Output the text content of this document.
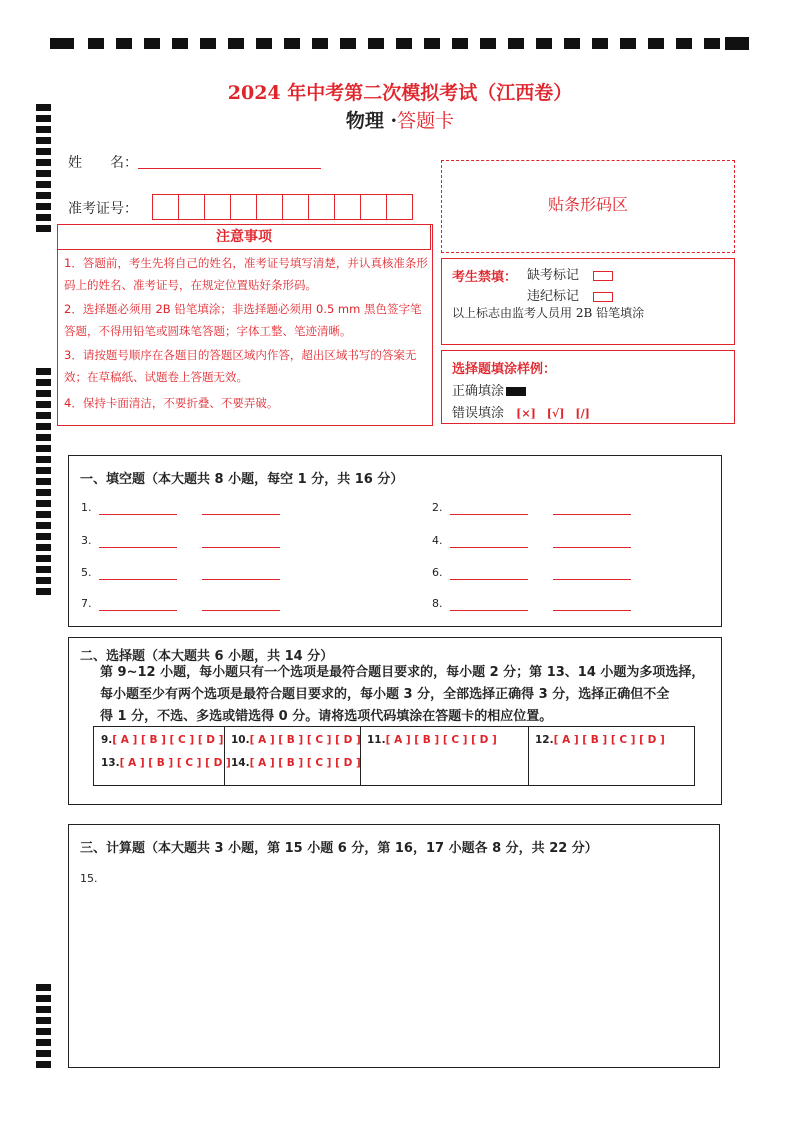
2024 年中考第二次模拟考试（江西卷）
物理 ·答题卡
姓　　名：
准考证号：	贴条形码区
注意事项
1．答题前，考生先将自己的姓名，准考证号填写清楚，并认真核准条形码上的姓名、准考证号，在规定位置贴好条形码。
2．选择题必须用 2B 铅笔填涂；非选择题必须用 0.5 mm 黑色签字笔答题，不得用铅笔或圆珠笔答题；字体工整、笔迹清晰。
3．请按题号顺序在各题目的答题区域内作答，超出区域书写的答案无效；在草稿纸、试题卷上答题无效。
4．保持卡面清洁，不要折叠、不要弄破。
考生禁填： 缺考标记
违纪标记
以上标志由监考人员用 2B 铅笔填涂
选择题填涂样例：
正确填涂
错误填涂 [×]　[√]　[/]
一、填空题（本大题共 8 小题，每空 1 分，共 16 分）
1.	2.
3.	4.
5.	6.
7.	8.
二、选择题（本大题共 6 小题，共 14 分）
第 9~12 小题，每小题只有一个选项是最符合题目要求的，每小题 2 分；第 13、14 小题为多项选择，
每小题至少有两个选项是最符合题目要求的，每小题 3 分，全部选择正确得 3 分，选择正确但不全
得 1 分，不选、多选或错选得 0 分。请将选项代码填涂在答题卡的相应位置。
9.[ A ] [ B ] [ C ] [ D ] 10.[ A ] [ B ] [ C ] [ D ] 11.[ A ] [ B ] [ C ] [ D ]	12.[ A ] [ B ] [ C ] [ D ]
13.[ A ] [ B ] [ C ] [ D ] 14.[ A ] [ B ] [ C ] [ D ]
三、计算题（本大题共 3 小题，第 15 小题 6 分，第 16，17 小题各 8 分，共 22 分）
15.
